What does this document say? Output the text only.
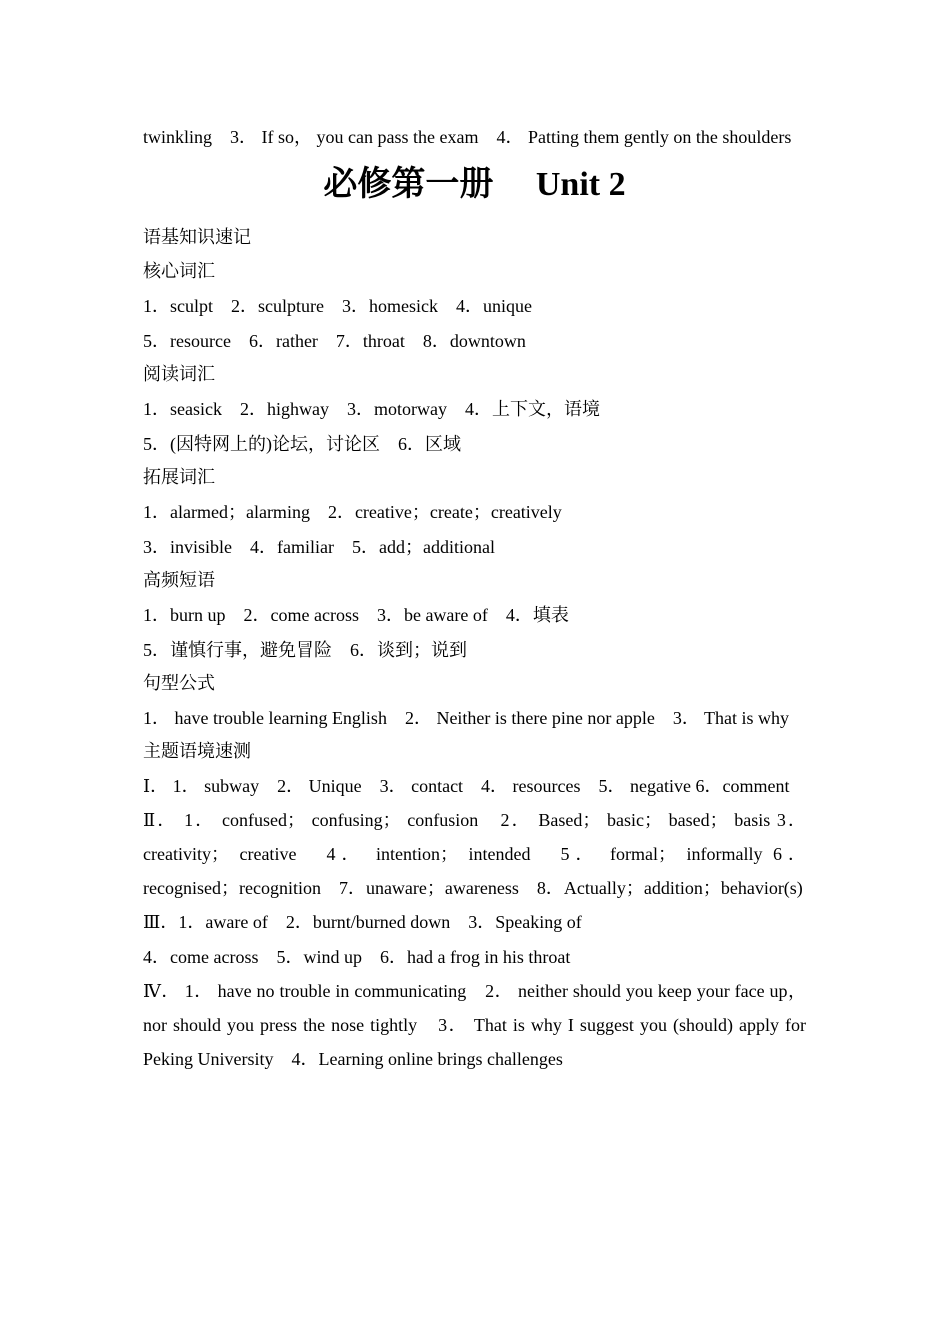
twinkling　3． If so， you can pass the exam　4． Patting them gently on the shoulders
必修第一册　 Unit 2
语基知识速记
核心词汇
1．sculpt　2．sculpture　3．homesick　4．unique
5．resource　6．rather　7．throat　8．downtown
阅读词汇
1．seasick　2．highway　3．motorway　4．上下文，语境
5．(因特网上的)论坛，讨论区　6．区域
拓展词汇
1．alarmed；alarming　2．creative；create；creatively
3．invisible　4．familiar　5．add；additional
高频短语
1．burn up　2．come across　3．be aware of　4．填表
5．谨慎行事，避免冒险　6．谈到；说到
句型公式
1． have trouble learning English　2． Neither is there pine nor apple　3． That is why
主题语境速测
Ⅰ． 1． subway　2． Unique　3． contact　4． resources　5． negative 6．comment
Ⅱ． 1． confused； confusing； confusion　2． Based； basic； based； basis 3． creativity； creative　4． intention； intended　5． formal； informally 6．recognised；recognition　7．unaware；awareness　8．Actually；addition；behavior(s)
Ⅲ．1．aware of　2．burnt/burned down　3．Speaking of
4．come across　5．wind up　6．had a frog in his throat
Ⅳ． 1． have no trouble in communicating　2． neither should you keep your face up， nor should you press the nose tightly　3． That is why I suggest you (should) apply for Peking University　4．Learning online brings challenges
